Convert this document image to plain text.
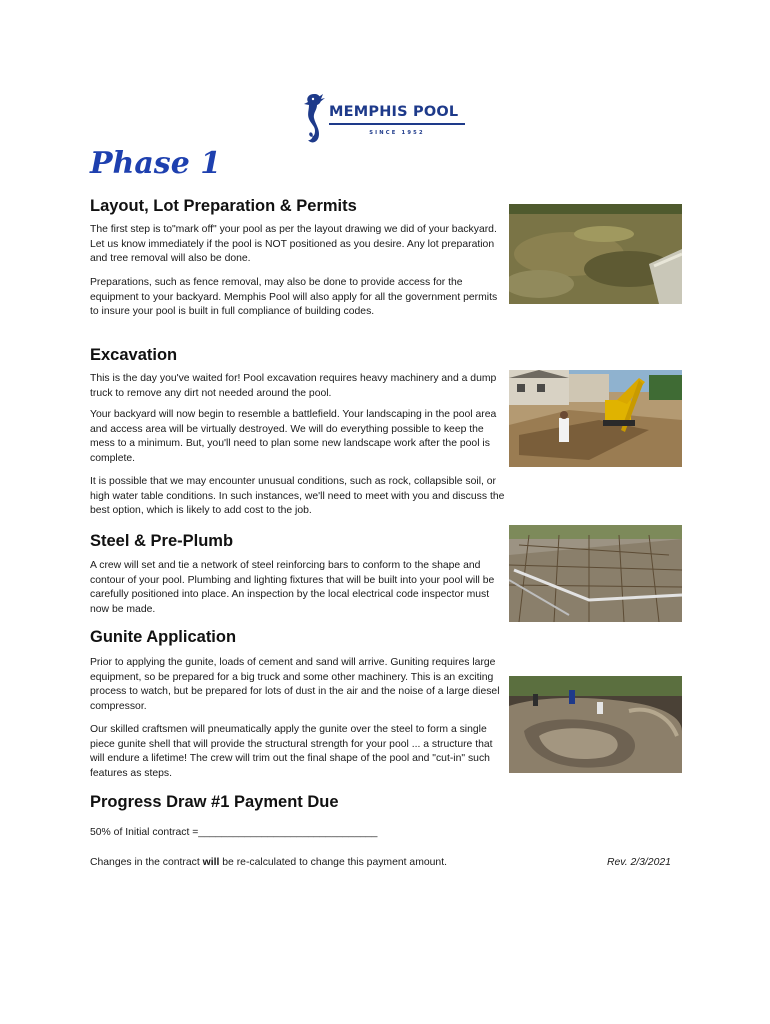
MEMPHIS POOL
SINCE 1952
Phase 1
Layout, Lot Preparation & Permits

The first step is to"mark off" your pool as per the layout drawing we did of your backyard. Let us know immediately if the pool is NOT positioned as you desire. Any lot preparation and tree removal will also be done.

Preparations, such as fence removal, may also be done to provide access for the equipment to your backyard. Memphis Pool will also apply for all the government permits to insure your pool is built in full compliance of building codes.

Excavation

This is the day you've waited for! Pool excavation requires heavy machinery and a dump truck to remove any dirt not needed around the pool.

Your backyard will now begin to resemble a battlefield. Your landscaping in the pool area and access area will be virtually destroyed. We will do everything possible to keep the mess to a minimum. But, you'll need to plan some new landscape work after the pool is complete.

It is possible that we may encounter unusual conditions, such as rock, collapsible soil, or high water table conditions. In such instances, we'll need to meet with you and discuss the best option, which is likely to add cost to the job.

Steel & Pre-Plumb

A crew will set and tie a network of steel reinforcing bars to conform to the shape and contour of your pool. Plumbing and lighting fixtures that will be built into your pool will be carefully positioned into place. An inspection by the local electrical code inspector must now be made.

Gunite Application

Prior to applying the gunite, loads of cement and sand will arrive. Guniting requires large equipment, so be prepared for a big truck and some other machinery. This is an exciting process to watch, but be prepared for lots of dust in the air and the noise of a large diesel compressor.

Our skilled craftsmen will pneumatically apply the gunite over the steel to form a single piece gunite shell that will provide the structural strength for your pool ... a structure that will endure a lifetime! The crew will trim out the final shape of the pool and "cut-in" such features as steps.

Progress Draw #1 Payment Due
50% of Initial contract =_______________________________
Changes in the contract will be re-calculated to change this payment amount.	Rev. 2/3/2021
